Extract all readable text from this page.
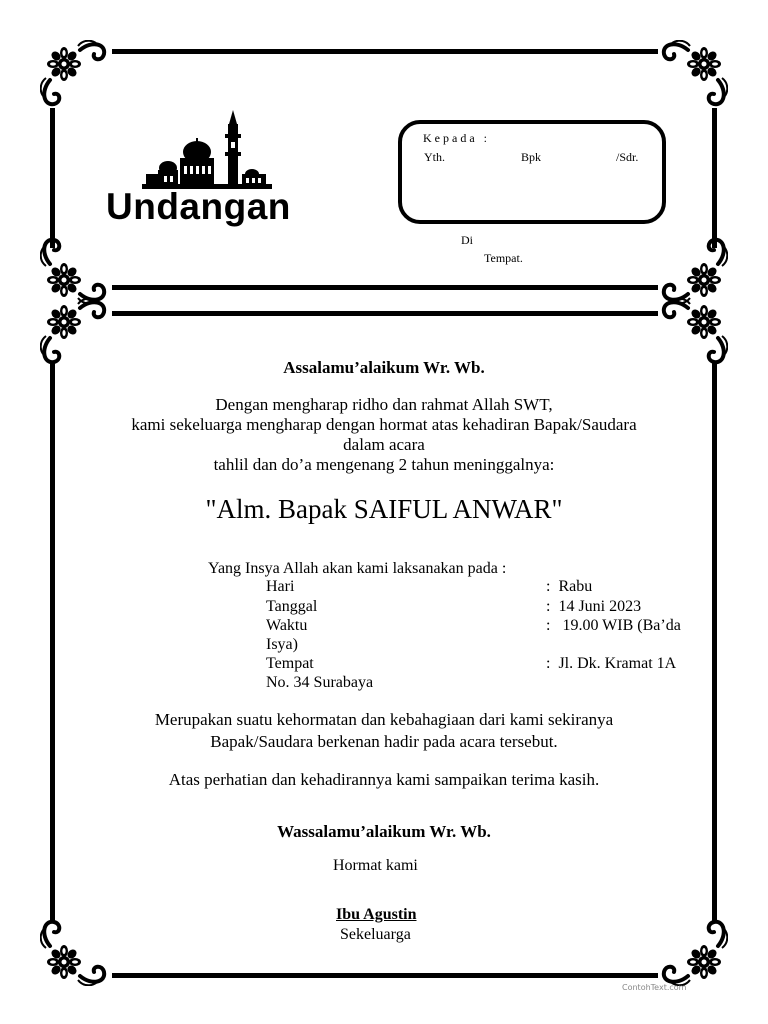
Undangan
K e p a d a   :
Yth.	Bpk	/Sdr.
Di
Tempat.
Assalamu’alaikum Wr. Wb.
Dengan mengharap ridho dan rahmat Allah SWT,
kami sekeluarga mengharap dengan hormat atas kehadiran Bapak/Saudara
dalam acara
tahlil dan do’a mengenang 2 tahun meninggalnya:
"Alm. Bapak SAIFUL ANWAR"
Yang Insya Allah akan kami laksanakan pada :
Hari	:  Rabu
Tanggal	:  14 Juni 2023
Waktu	:   19.00 WIB (Ba’da
Isya)
Tempat	:  Jl. Dk. Kramat 1A
No. 34 Surabaya
Merupakan suatu kehormatan dan kebahagiaan dari kami sekiranya
Bapak/Saudara berkenan hadir pada acara tersebut.
Atas perhatian dan kehadirannya kami sampaikan terima kasih.
Wassalamu’alaikum Wr. Wb.
Hormat kami
Ibu Agustin
Sekeluarga
ContohText.com
